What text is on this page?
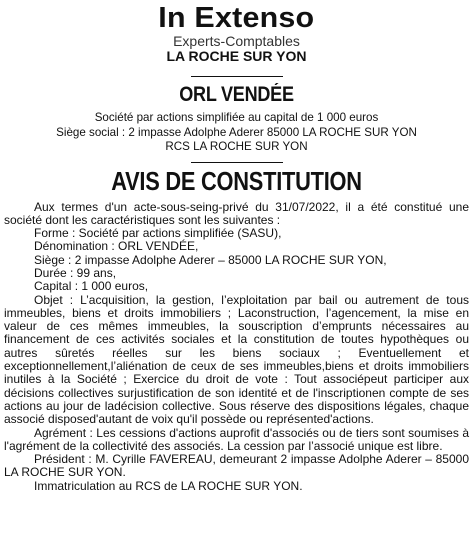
In Extenso
Experts-Comptables
LA ROCHE SUR YON
ORL VENDÉE
Société par actions simplifiée au capital de 1 000 euros
Siège social : 2 impasse Adolphe Aderer 85000 LA ROCHE SUR YON
RCS LA ROCHE SUR YON
AVIS DE CONSTITUTION

Aux termes d'un acte-sous-seing-privé du 31/07/2022, il a été constitué une société dont les caractéristiques sont les suivantes :

Forme : Société par actions simplifiée (SASU),

Dénomination : ORL VENDÉE,

Siège : 2 impasse Adolphe Aderer – 85000 LA ROCHE SUR YON,

Durée : 99 ans,

Capital : 1 000 euros,

Objet : L’acquisition, la gestion, l’exploitation par bail ou autrement de tous immeubles, biens et droits immobiliers ; Laconstruction, l’agencement, la mise en valeur de ces mêmes immeubles, la souscription d’emprunts nécessaires au financement de ces activités sociales et la constitution de toutes hypothèques ou autres sûretés réelles sur les biens sociaux ; Eventuellement et exceptionnellement,l’aliénation de ceux de ses immeubles,biens et droits immobiliers inutiles à la Société ; Exercice du droit de vote : Tout associépeut participer aux décisions collectives surjustification de son identité et de l'inscriptionen compte de ses actions au jour de ladécision collective. Sous réserve des dispositions légales, chaque associé disposed'autant de voix qu'il possède ou représented'actions.

Agrément : Les cessions d'actions auprofit d'associés ou de tiers sont soumises à l'agrément de la collectivité des associés. La cession par l’associé unique est libre.

Président : M. Cyrille FAVEREAU, demeurant 2 impasse Adolphe Aderer – 85000 LA ROCHE SUR YON.

Immatriculation au RCS de LA ROCHE SUR YON.
